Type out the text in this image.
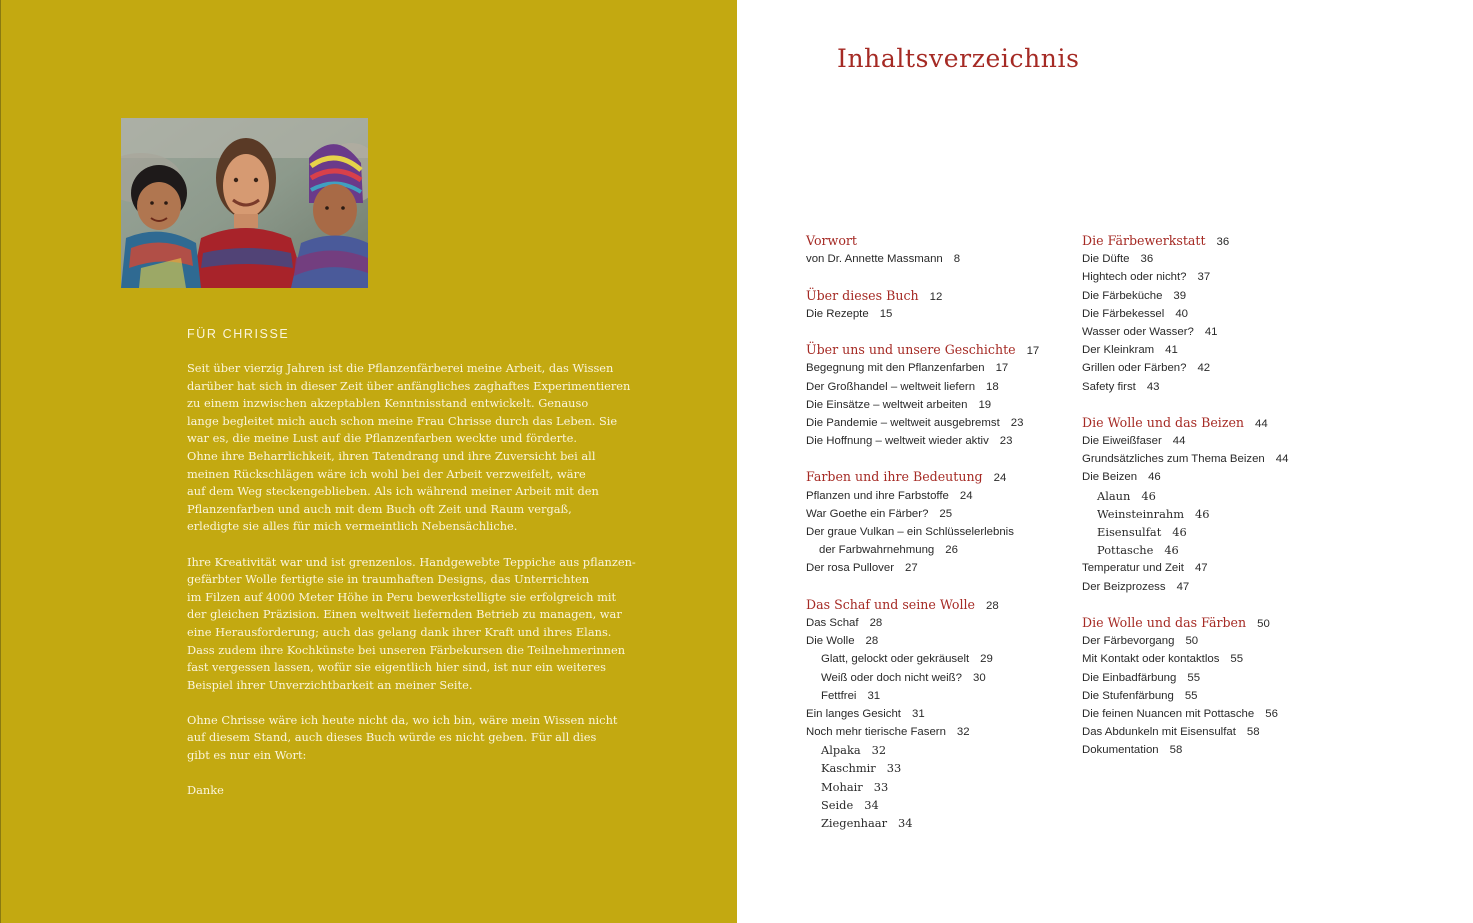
FÜR CHRISSE
Seit über vierzig Jahren ist die Pflanzenfärberei meine Arbeit, das Wissen
darüber hat sich in dieser Zeit über anfängliches zaghaftes Experimentieren
zu einem inzwischen akzeptablen Kenntnisstand entwickelt. Genauso
lange begleitet mich auch schon meine Frau Chrisse durch das Leben. Sie
war es, die meine Lust auf die Pflanzenfarben weckte und förderte.
Ohne ihre Beharrlichkeit, ihren Tatendrang und ihre Zuversicht bei all
meinen Rückschlägen wäre ich wohl bei der Arbeit verzweifelt, wäre
auf dem Weg steckengeblieben. Als ich während meiner Arbeit mit den
Pflanzenfarben und auch mit dem Buch oft Zeit und Raum vergaß,
erledigte sie alles für mich vermeintlich Nebensächliche.
Ihre Kreativität war und ist grenzenlos. Handgewebte Teppiche aus pflanzen-
gefärbter Wolle fertigte sie in traumhaften Designs, das Unterrichten
im Filzen auf 4000 Meter Höhe in Peru bewerkstelligte sie erfolgreich mit
der gleichen Präzision. Einen weltweit liefernden Betrieb zu managen, war
eine Herausforderung; auch das gelang dank ihrer Kraft und ihres Elans.
Dass zudem ihre Kochkünste bei unseren Färbekursen die Teilnehmerinnen
fast vergessen lassen, wofür sie eigentlich hier sind, ist nur ein weiteres
Beispiel ihrer Unverzichtbarkeit an meiner Seite.
Ohne Chrisse wäre ich heute nicht da, wo ich bin, wäre mein Wissen nicht
auf diesem Stand, auch dieses Buch würde es nicht geben. Für all dies
gibt es nur ein Wort:
Danke
Inhaltsverzeichnis
Vorwort
von Dr. Annette Massmann 8
Über dieses Buch 12
Die Rezepte 15
Über uns und unsere Geschichte 17
Begegnung mit den Pflanzenfarben 17
Der Großhandel – weltweit liefern 18
Die Einsätze – weltweit arbeiten 19
Die Pandemie – weltweit ausgebremst 23
Die Hoffnung – weltweit wieder aktiv 23
Farben und ihre Bedeutung 24
Pflanzen und ihre Farbstoffe 24
War Goethe ein Färber? 25
Der graue Vulkan – ein Schlüsselerlebnis
der Farbwahrnehmung 26
Der rosa Pullover 27
Das Schaf und seine Wolle 28
Das Schaf 28
Die Wolle 28
Glatt, gelockt oder gekräuselt 29
Weiß oder doch nicht weiß? 30
Fettfrei 31
Ein langes Gesicht 31
Noch mehr tierische Fasern 32
Alpaka 32
Kaschmir 33
Mohair 33
Seide 34
Ziegenhaar 34
Die Färbewerkstatt 36
Die Düfte 36
Hightech oder nicht? 37
Die Färbeküche 39
Die Färbekessel 40
Wasser oder Wasser? 41
Der Kleinkram 41
Grillen oder Färben? 42
Safety first 43
Die Wolle und das Beizen 44
Die Eiweißfaser 44
Grundsätzliches zum Thema Beizen 44
Die Beizen 46
Alaun 46
Weinsteinrahm 46
Eisensulfat 46
Pottasche 46
Temperatur und Zeit 47
Der Beizprozess 47
Die Wolle und das Färben 50
Der Färbevorgang 50
Mit Kontakt oder kontaktlos 55
Die Einbadfärbung 55
Die Stufenfärbung 55
Die feinen Nuancen mit Pottasche 56
Das Abdunkeln mit Eisensulfat 58
Dokumentation 58
